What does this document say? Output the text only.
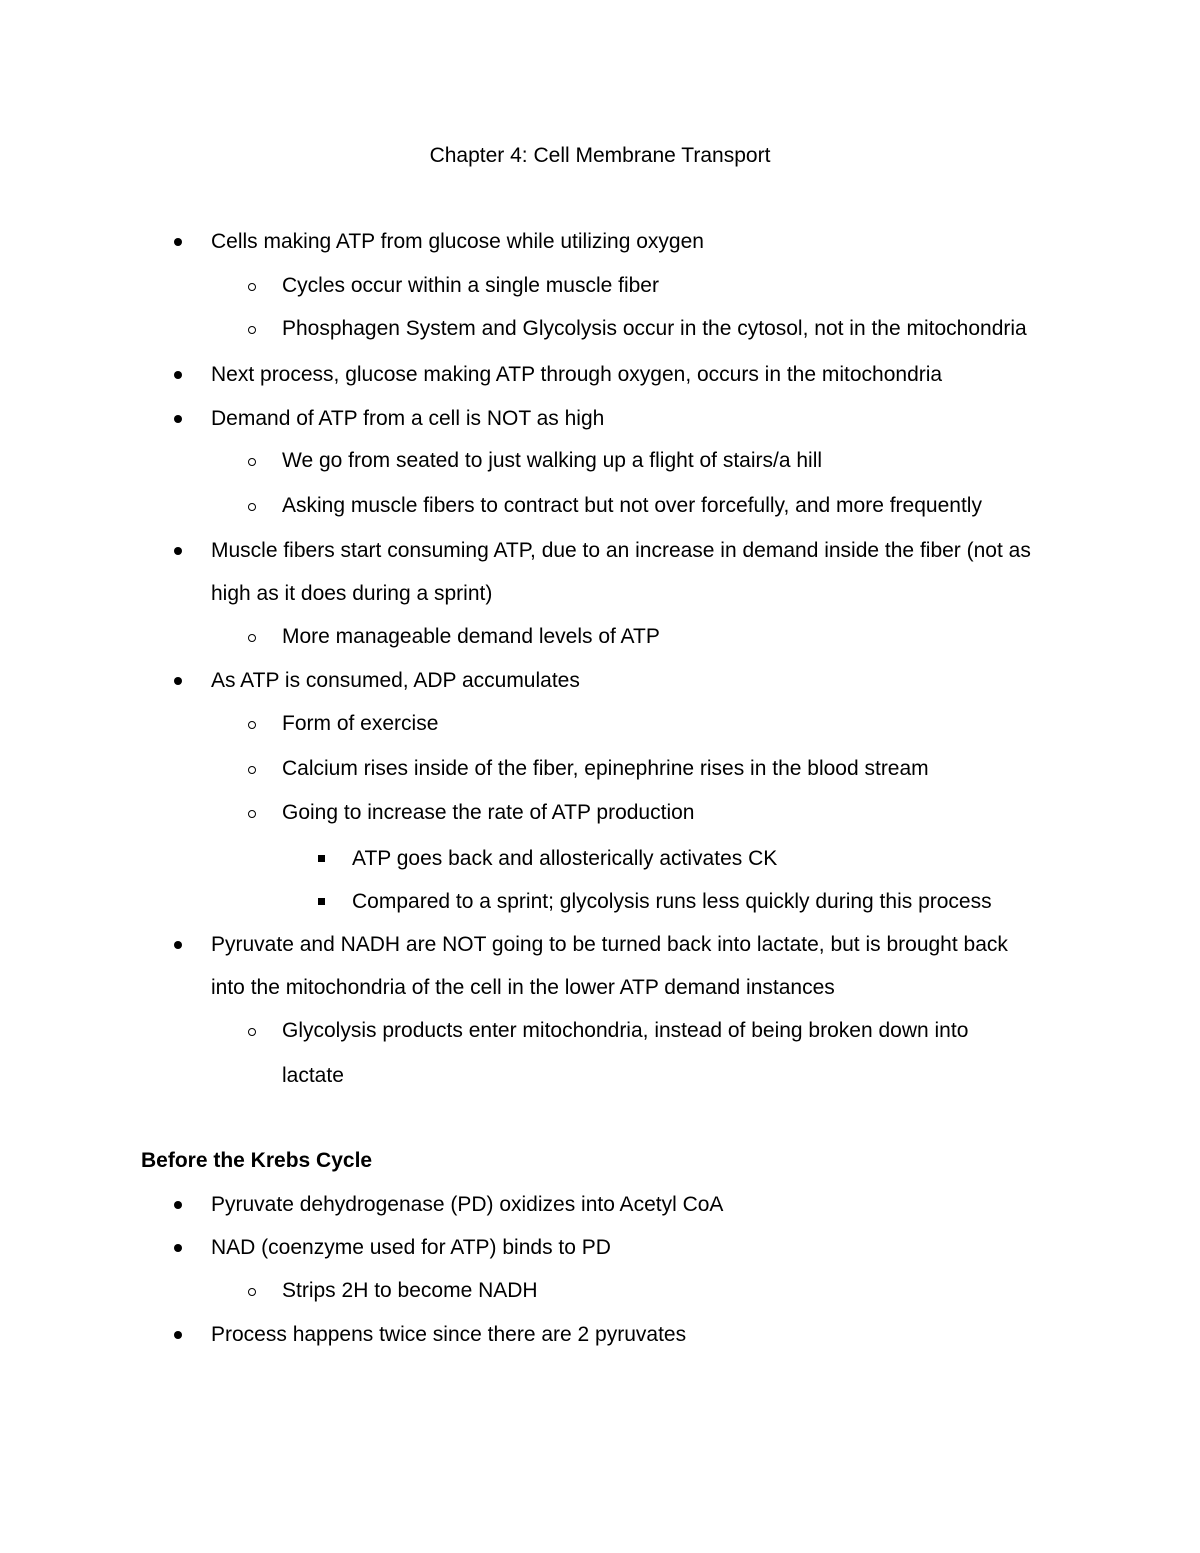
Chapter 4: Cell Membrane Transport
Cells making ATP from glucose while utilizing oxygen
Cycles occur within a single muscle fiber
Phosphagen System and Glycolysis occur in the cytosol, not in the mitochondria
Next process, glucose making ATP through oxygen, occurs in the mitochondria
Demand of ATP from a cell is NOT as high
We go from seated to just walking up a flight of stairs/a hill
Asking muscle fibers to contract but not over forcefully, and more frequently
Muscle fibers start consuming ATP, due to an increase in demand inside the fiber (not as
high as it does during a sprint)
More manageable demand levels of ATP
As ATP is consumed, ADP accumulates
Form of exercise
Calcium rises inside of the fiber, epinephrine rises in the blood stream
Going to increase the rate of ATP production
ATP goes back and allosterically activates CK
Compared to a sprint; glycolysis runs less quickly during this process
Pyruvate and NADH are NOT going to be turned back into lactate, but is brought back
into the mitochondria of the cell in the lower ATP demand instances
Glycolysis products enter mitochondria, instead of being broken down into
lactate
Before the Krebs Cycle
Pyruvate dehydrogenase (PD) oxidizes into Acetyl CoA
NAD (coenzyme used for ATP) binds to PD
Strips 2H to become NADH
Process happens twice since there are 2 pyruvates
